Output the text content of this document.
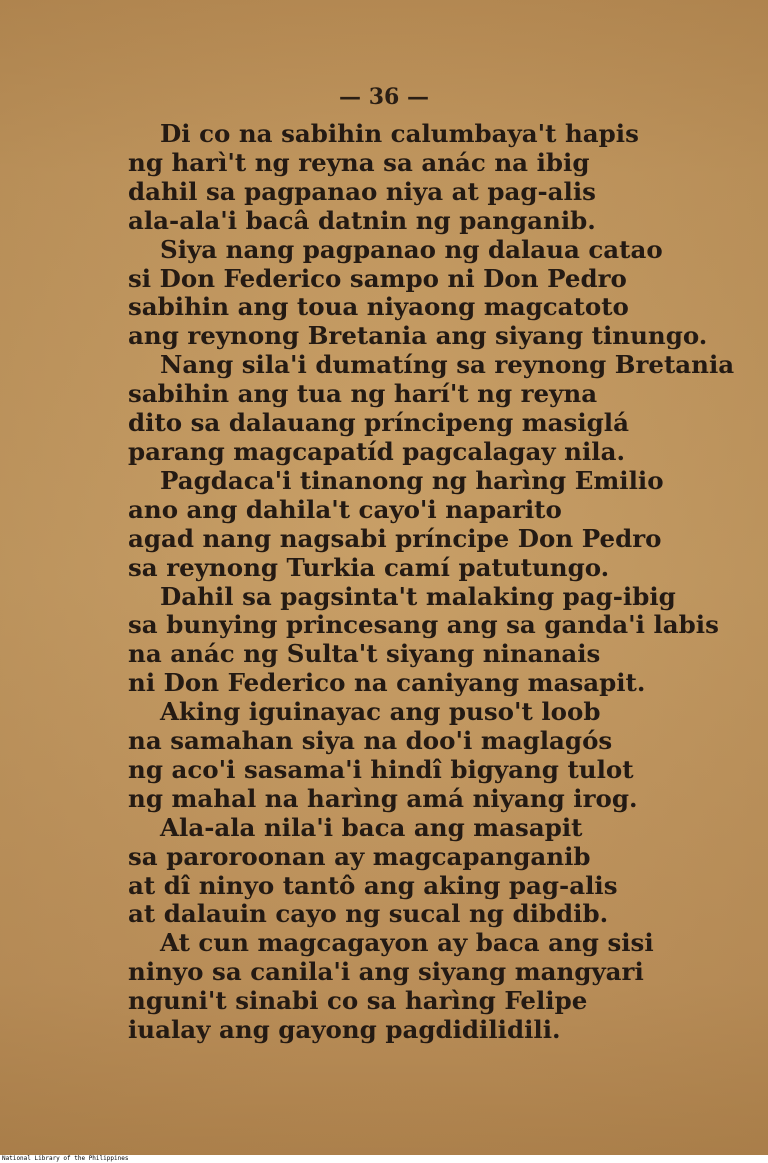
— 36 —
Di co na sabihin calumbaya't hapis
ng harì't ng reyna sa anác na ibig
dahil sa pagpanao niya at pag-alis
ala-ala'i bacâ datnin ng panganib.
Siya nang pagpanao ng dalaua catao
si Don Federico sampo ni Don Pedro
sabihin ang toua niyaong magcatoto
ang reynong Bretania ang siyang tinungo.
Nang sila'i dumatíng sa reynong Bretania
sabihin ang tua ng harí't ng reyna
dito sa dalauang príncipeng masiglá
parang magcapatíd pagcalagay nila.
Pagdaca'i tinanong ng harìng Emilio
ano ang dahila't cayo'i naparito
agad nang nagsabi príncipe Don Pedro
sa reynong Turkia camí patutungo.
Dahil sa pagsinta't malaking pag-ibig
sa bunying princesang ang sa ganda'i labis
na anác ng Sulta't siyang ninanais
ni Don Federico na caniyang masapit.
Aking iguinayac ang puso't loob
na samahan siya na doo'i maglagós
ng aco'i sasama'i hindî bigyang tulot
ng mahal na harìng amá niyang irog.
Ala-ala nila'i baca ang masapit
sa paroroonan ay magcapanganib
at dî ninyo tantô ang aking pag-alis
at dalauin cayo ng sucal ng dibdib.
At cun magcagayon ay baca ang sisi
ninyo sa canila'i ang siyang mangyari
nguni't sinabi co sa harìng Felipe
iualay ang gayong pagdidilidili.
National Library of the Philippines
